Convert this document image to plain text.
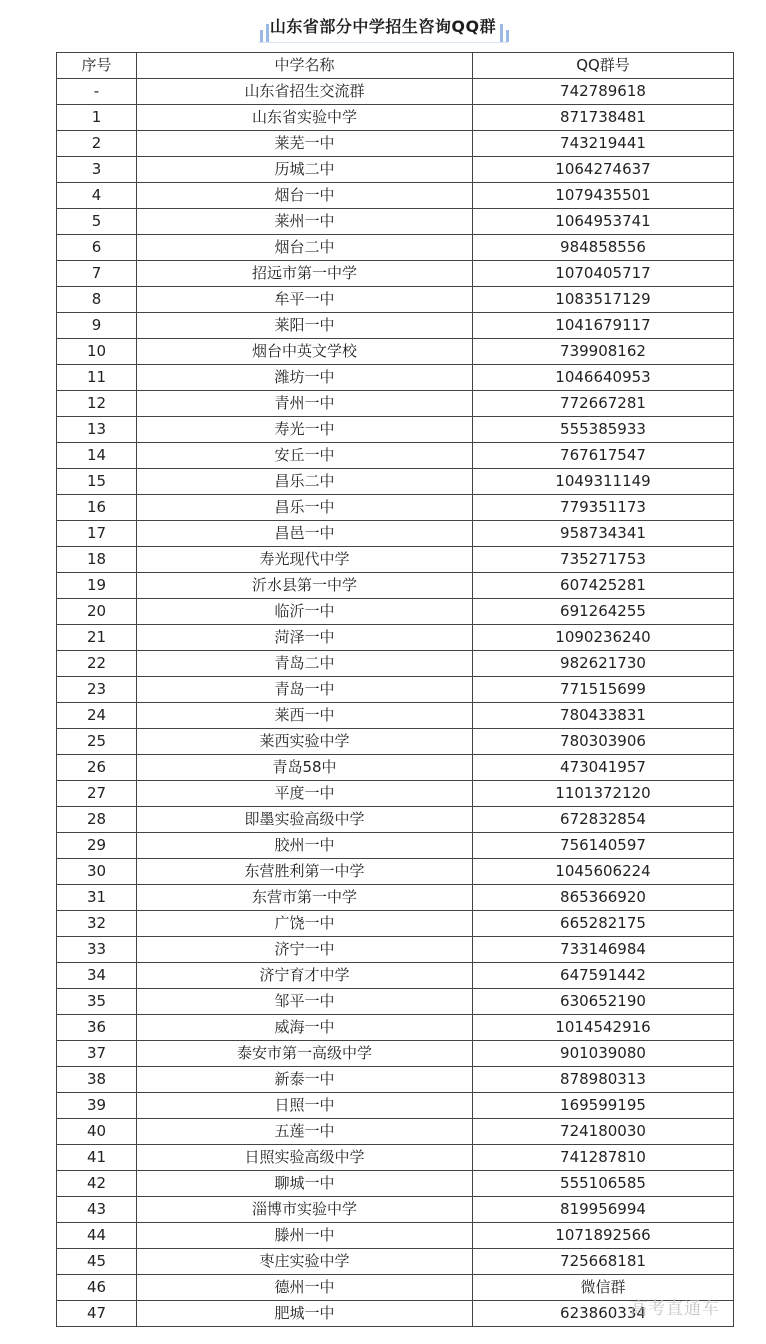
山东省部分中学招生咨询QQ群
序号	中学名称	QQ群号
-	山东省招生交流群	742789618
1	山东省实验中学	871738481
2	莱芜一中	743219441
3	历城二中	1064274637
4	烟台一中	1079435501
5	莱州一中	1064953741
6	烟台二中	984858556
7	招远市第一中学	1070405717
8	牟平一中	1083517129
9	莱阳一中	1041679117
10	烟台中英文学校	739908162
11	潍坊一中	1046640953
12	青州一中	772667281
13	寿光一中	555385933
14	安丘一中	767617547
15	昌乐二中	1049311149
16	昌乐一中	779351173
17	昌邑一中	958734341
18	寿光现代中学	735271753
19	沂水县第一中学	607425281
20	临沂一中	691264255
21	菏泽一中	1090236240
22	青岛二中	982621730
23	青岛一中	771515699
24	莱西一中	780433831
25	莱西实验中学	780303906
26	青岛58中	473041957
27	平度一中	1101372120
28	即墨实验高级中学	672832854
29	胶州一中	756140597
30	东营胜利第一中学	1045606224
31	东营市第一中学	865366920
32	广饶一中	665282175
33	济宁一中	733146984
34	济宁育才中学	647591442
35	邹平一中	630652190
36	威海一中	1014542916
37	泰安市第一高级中学	901039080
38	新泰一中	878980313
39	日照一中	169599195
40	五莲一中	724180030
41	日照实验高级中学	741287810
42	聊城一中	555106585
43	淄博市实验中学	819956994
44	滕州一中	1071892566
45	枣庄实验中学	725668181
46	德州一中	微信群
47	肥城一中	623860334
高考直通车
